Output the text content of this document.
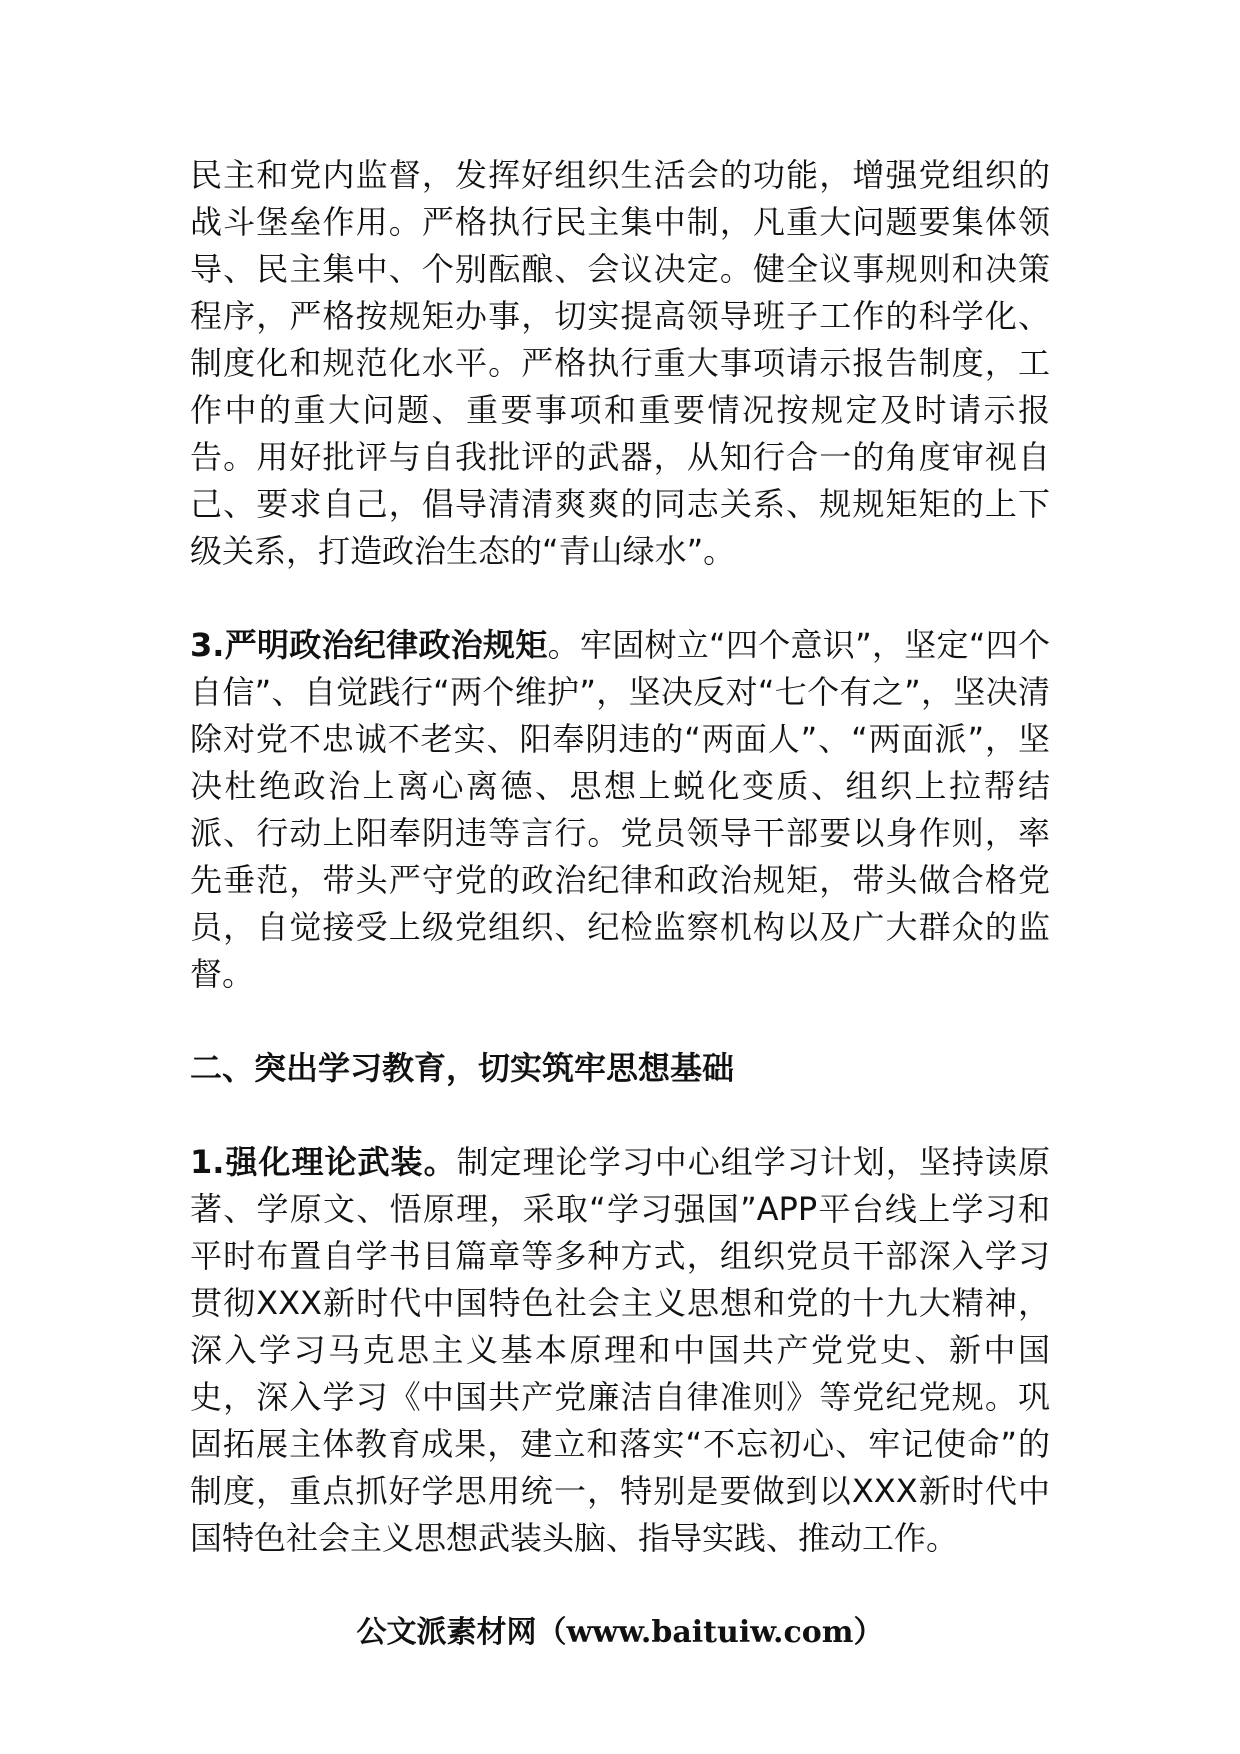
民主和党内监督，发挥好组织生活会的功能，增强党组织的战斗堡垒作用。严格执行民主集中制，凡重大问题要集体领导、民主集中、个别酝酿、会议决定。健全议事规则和决策程序，严格按规矩办事，切实提高领导班子工作的科学化、制度化和规范化水平。严格执行重大事项请示报告制度，工作中的重大问题、重要事项和重要情况按规定及时请示报告。用好批评与自我批评的武器，从知行合一的角度审视自己、要求自己，倡导清清爽爽的同志关系、规规矩矩的上下级关系，打造政治生态的“青山绿水”。

3.严明政治纪律政治规矩。牢固树立“四个意识”，坚定“四个自信”、自觉践行“两个维护”，坚决反对“七个有之”，坚决清除对党不忠诚不老实、阳奉阴违的“两面人”、“两面派”，坚决杜绝政治上离心离德、思想上蜕化变质、组织上拉帮结派、行动上阳奉阴违等言行。党员领导干部要以身作则，率先垂范，带头严守党的政治纪律和政治规矩，带头做合格党员，自觉接受上级党组织、纪检监察机构以及广大群众的监督。

二、突出学习教育，切实筑牢思想基础

1.强化理论武装。制定理论学习中心组学习计划，坚持读原著、学原文、悟原理，采取“学习强国”APP平台线上学习和平时布置自学书目篇章等多种方式，组织党员干部深入学习贯彻XXX新时代中国特色社会主义思想和党的十九大精神，深入学习马克思主义基本原理和中国共产党党史、新中国史，深入学习《中国共产党廉洁自律准则》等党纪党规。巩固拓展主体教育成果，建立和落实“不忘初心、牢记使命”的制度，重点抓好学思用统一，特别是要做到以XXX新时代中国特色社会主义思想武装头脑、指导实践、推动工作。

公文派素材网（www.baituiw.com）
